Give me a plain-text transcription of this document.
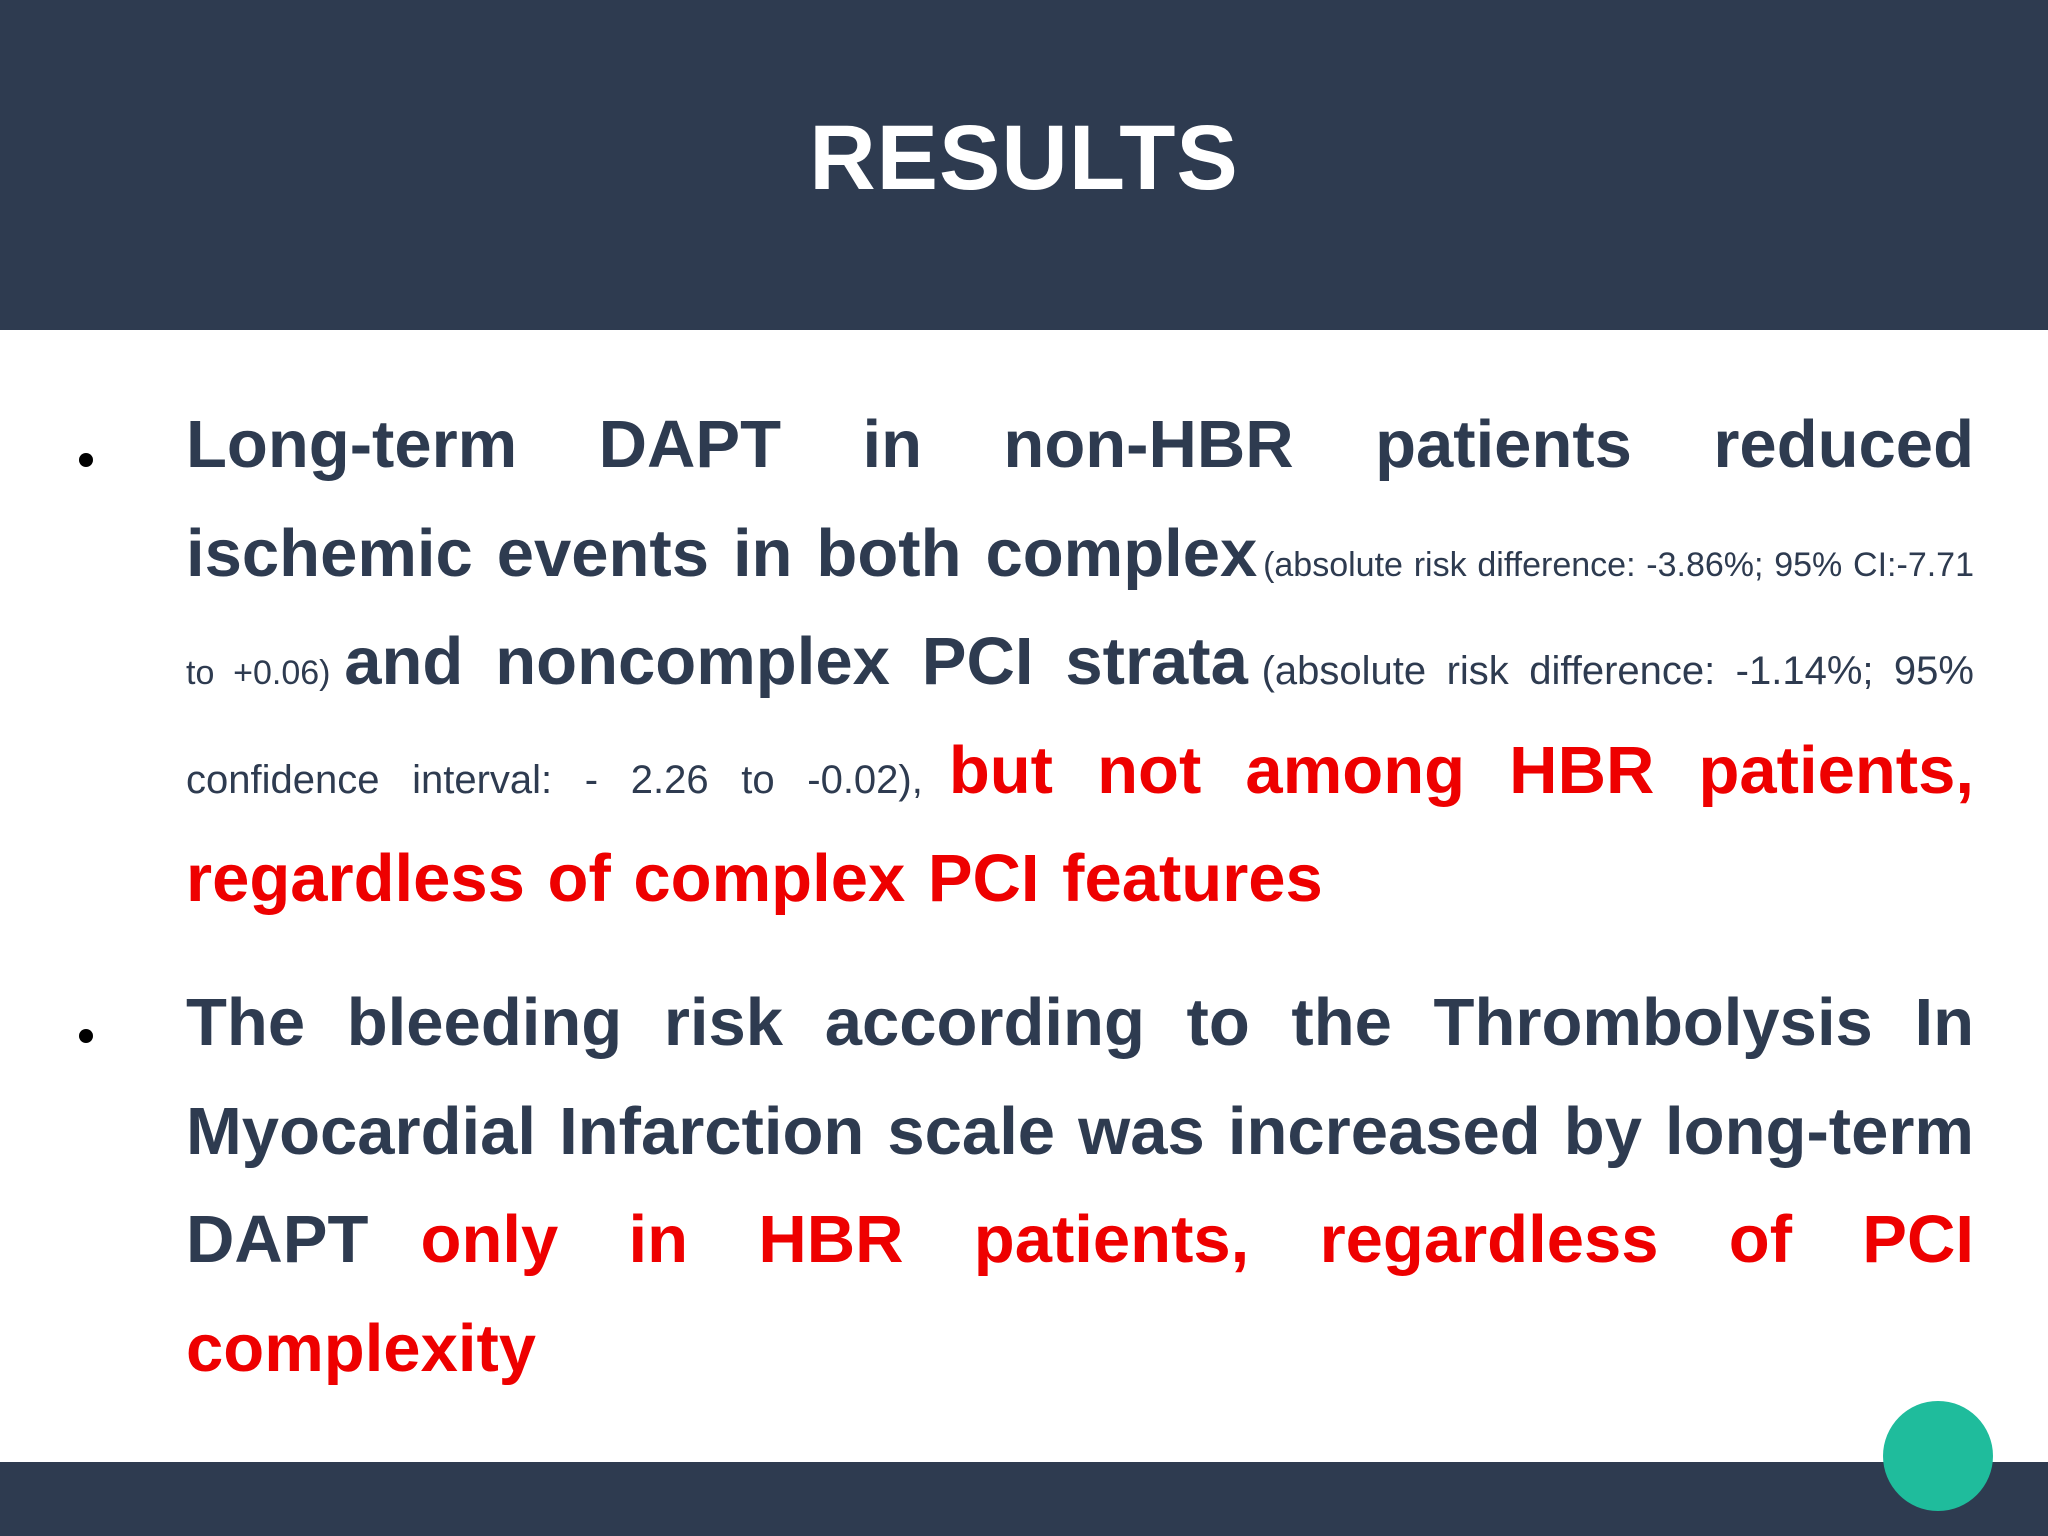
RESULTS
Long-term DAPT in non-HBR patients reduced ischemic events in both complex (absolute risk difference: -3.86%; 95% CI:-7.71 to +0.06) and noncomplex PCI strata (absolute risk difference: -1.14%; 95% confidence interval: - 2.26 to -0.02), but not among HBR patients, regardless of complex PCI features
The bleeding risk according to the Thrombolysis In Myocardial Infarction scale was increased by long-term DAPT only in HBR patients, regardless of PCI complexity
